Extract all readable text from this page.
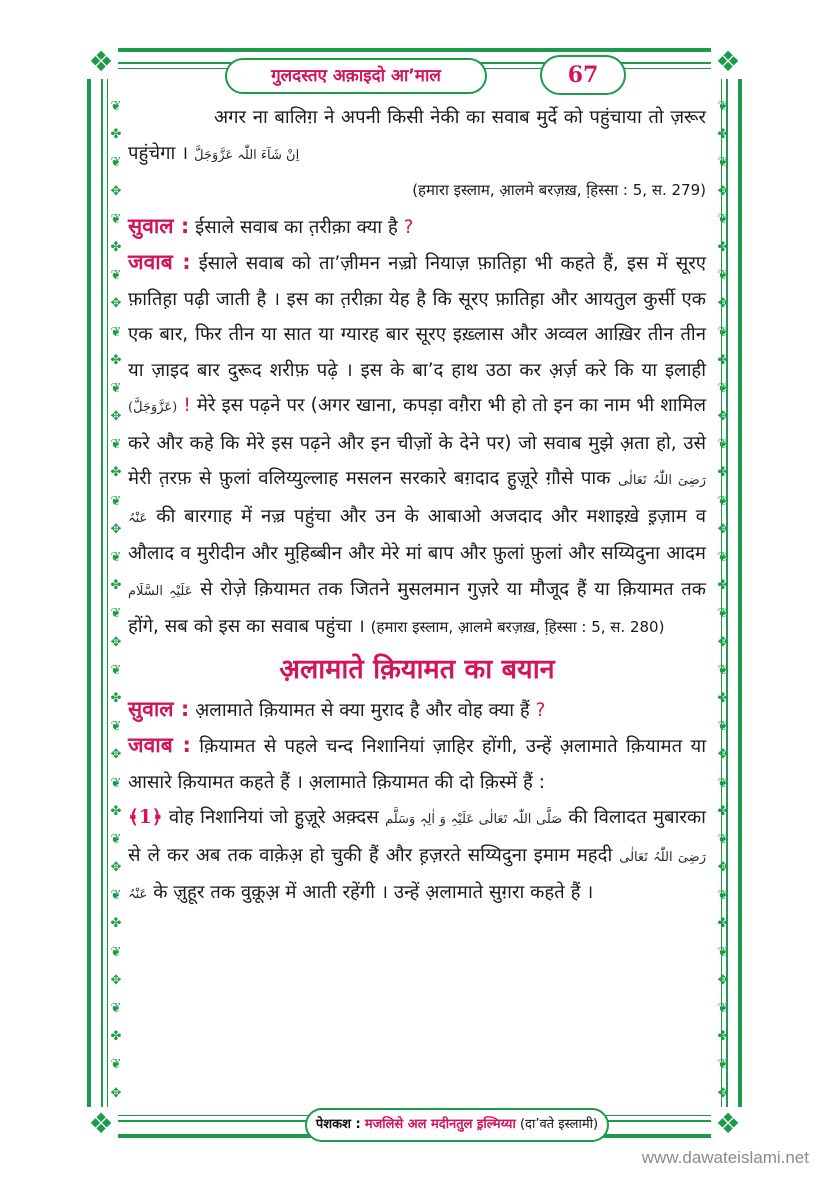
❦
✤
❦
✥
❦
✤
❦
✥
❦
✤
❦
✥
❦
✤
❦
✥
❦
✤
❦
✥
❦
✤
❦
✥
❦
✤
❦
✥
❦
✤
❦
✥
❦
✤
❦
✥
❦
✤
❦
✥
❦
✤
❦
✥
❦
✤
❦
✥
❦
✤
❦
✥
❦
✤
❦
✥
❦
✤
❦
✥
❦
✤
❦
✥
❦
✤
❦
✥
❦
✤
❦
✥
❖	❖
❖	❖
गुलदस्तए अक़ाइदो आ’माल	67

अगर ना बालिग़ ने अपनी किसी नेकी का सवाब मुर्दे को पहुंचाया तो ज़रूर पहुंचेगा । اِنْ شَآءَ اللّٰہ عَزَّوَجَلَّ

(हमारा इस्लाम, आ़लमे बरज़ख़, हि़स्सा : 5, स. 279)

सुवाल : ईसाले सवाब का त़रीक़ा क्या है ?

जवाब : ईसाले सवाब को ता’ज़ीमन नज़्रो नियाज़ फ़ातिह़ा भी कहते हैं, इस में सूरए फ़ातिह़ा पढ़ी जाती है । इस का त़रीक़ा येह है कि सूरए फ़ातिह़ा और आयतुल कुर्सी एक एक बार, फिर तीन या सात या ग्यारह बार सूरए इख़्लास और अव्वल आख़िर तीन तीन या ज़ाइद बार दुरूद शरीफ़ पढ़े । इस के बा’द हाथ उठा कर अ़र्ज़ करे कि या इलाही (عَزَّوَجَلَّ) ! मेरे इस पढ़ने पर (अगर खाना, कपड़ा वग़ैरा भी हो तो इन का नाम भी शामिल करे और कहे कि मेरे इस पढ़ने और इन चीज़ों के देने पर) जो सवाब मुझे अ़ता हो, उसे मेरी त़रफ़ से फ़ुलां वलिय्युल्लाह मसलन सरकारे बग़दाद हु़ज़ूरे ग़ौसे पाक رَضِیَ اللّٰہُ تَعَالٰی عَنْہُ की बारगाह में नज़्र पहुंचा और उन के आबाओ अजदाद और मशाइख़े इ़ज़ाम व औलाद व मुरीदीन और मुहि़ब्बीन और मेरे मां बाप और फ़ुलां फ़ुलां और सय्यिदुना आदम عَلَیْہِ السَّلَام से रोज़े क़ियामत तक जितने मुसलमान गुज़रे या मौजूद हैं या क़ियामत तक होंगे, सब को इस का सवाब पहुंचा । (हमारा इस्लाम, आ़लमे बरज़ख़, हि़स्सा : 5, स. 280)

अ़लामाते क़ियामत का बयान

सुवाल : अ़लामाते क़ियामत से क्या मुराद है और वोह क्या हैं ?

जवाब : क़ियामत से पहले चन्द निशानियां ज़ाहिर होंगी, उन्हें अ़लामाते क़ियामत या आसारे क़ियामत कहते हैं । अ़लामाते क़ियामत की दो क़िस्में हैं :

﴾1﴿ वोह निशानियां जो हु़ज़ूरे अक़्दस صَلَّی اللّٰہ تَعَالٰی عَلَیْہِ وَ اٰلِہٖ وَسَلَّم की विलादत मुबारका से ले कर अब तक वाके़अ़ हो चुकी हैं और ह़ज़रते सय्यिदुना इमाम महदी رَضِیَ اللّٰہُ تَعَالٰی عَنْہُ के ज़ुहूर तक वुक़ूअ़ में आती रहेंगी । उन्हें अ़लामाते सुग़रा कहते हैं ।

पेशकश : मजलिसे अल मदीनतुल इ़ल्मिय्या (दा’वते इस्लामी)
www.dawateislami.net
